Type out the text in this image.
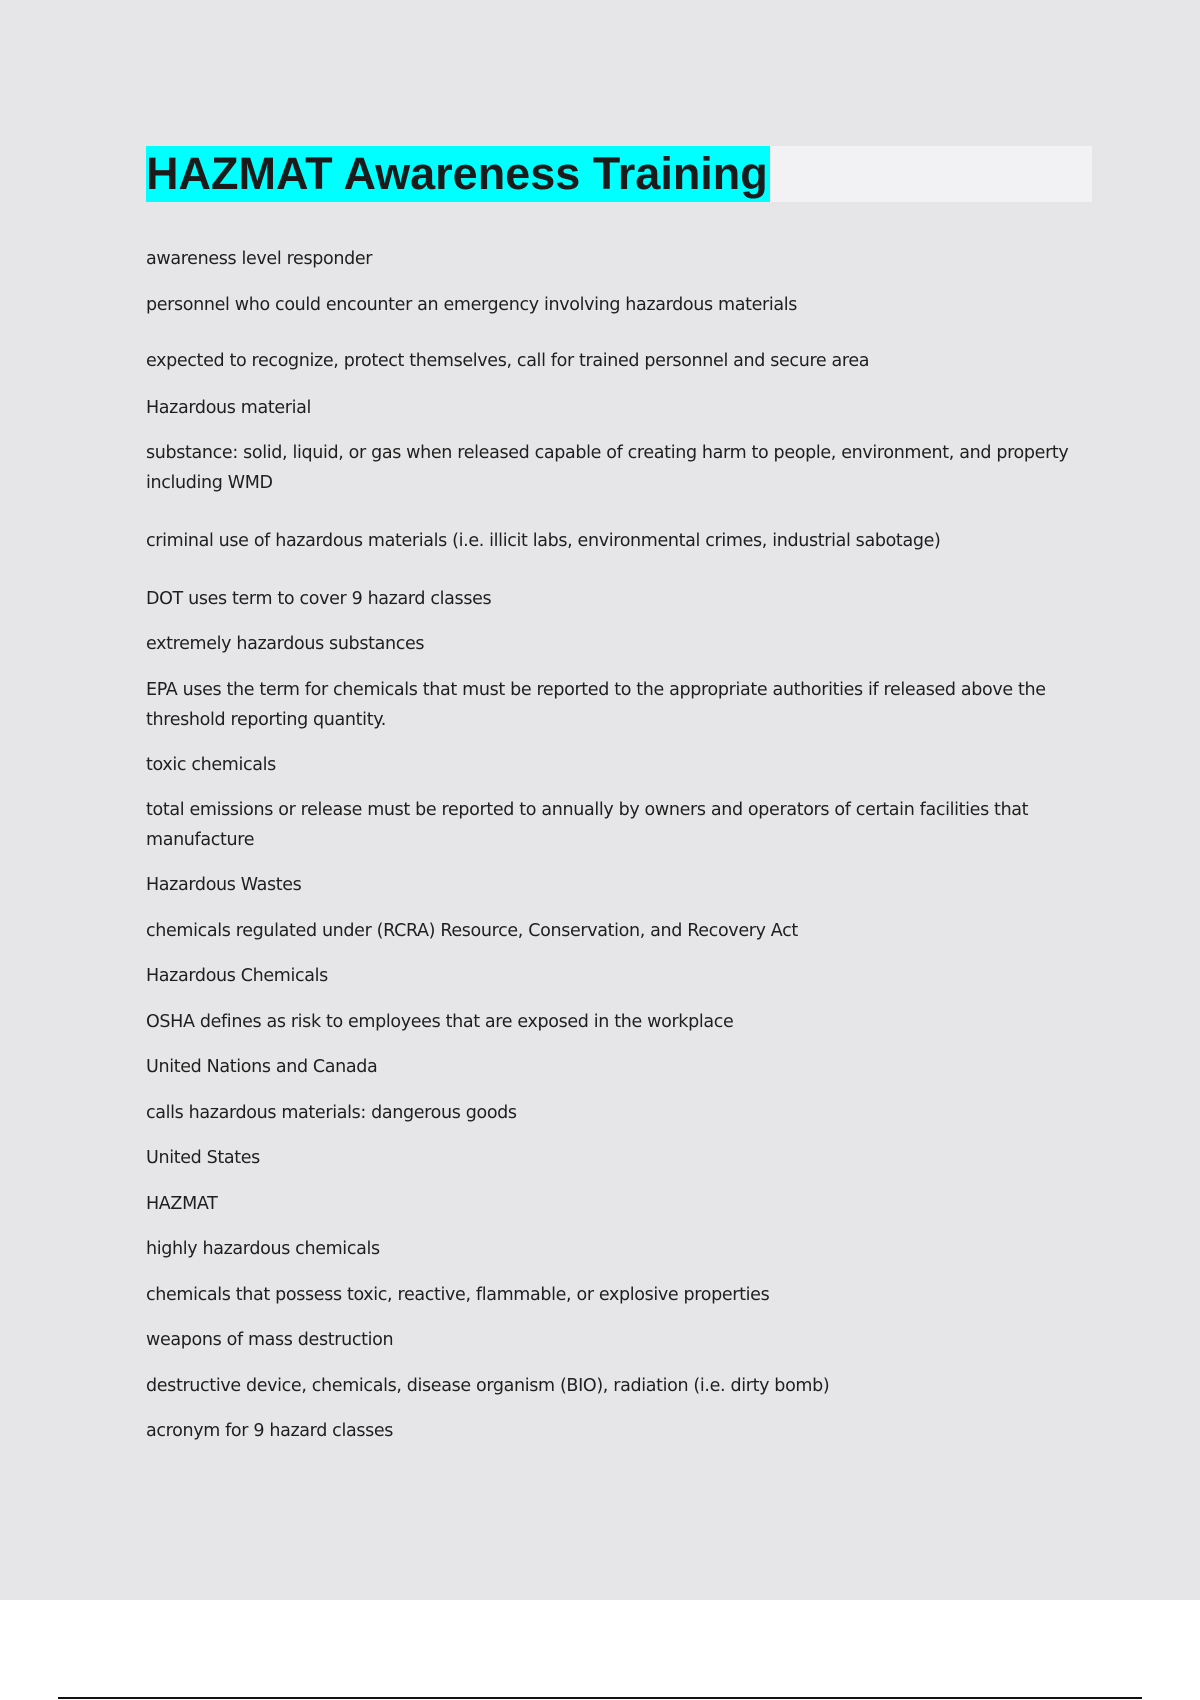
HAZMAT Awareness Training

awareness level responder

personnel who could encounter an emergency involving hazardous materials

expected to recognize, protect themselves, call for trained personnel and secure area

Hazardous material

substance: solid, liquid, or gas when released capable of creating harm to people, environment, and property including WMD

criminal use of hazardous materials (i.e. illicit labs, environmental crimes, industrial sabotage)

DOT uses term to cover 9 hazard classes

extremely hazardous substances

EPA uses the term for chemicals that must be reported to the appropriate authorities if released above the threshold reporting quantity.

toxic chemicals

total emissions or release must be reported to annually by owners and operators of certain facilities that manufacture

Hazardous Wastes

chemicals regulated under (RCRA) Resource, Conservation, and Recovery Act

Hazardous Chemicals

OSHA defines as risk to employees that are exposed in the workplace

United Nations and Canada

calls hazardous materials: dangerous goods

United States

HAZMAT

highly hazardous chemicals

chemicals that possess toxic, reactive, flammable, or explosive properties

weapons of mass destruction

destructive device, chemicals, disease organism (BIO), radiation (i.e. dirty bomb)

acronym for 9 hazard classes
